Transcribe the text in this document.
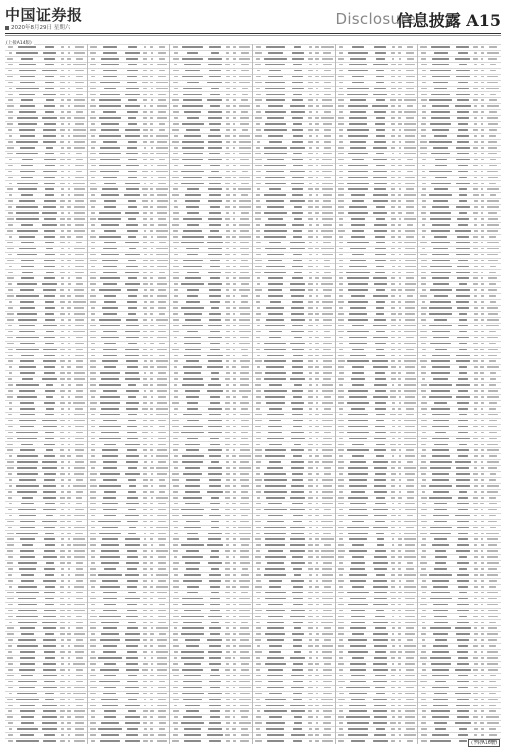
中国证券报
2020年8月29日 星期六	Disclosure
信息披露 A15
(上接A14版)
(下转A16版)
